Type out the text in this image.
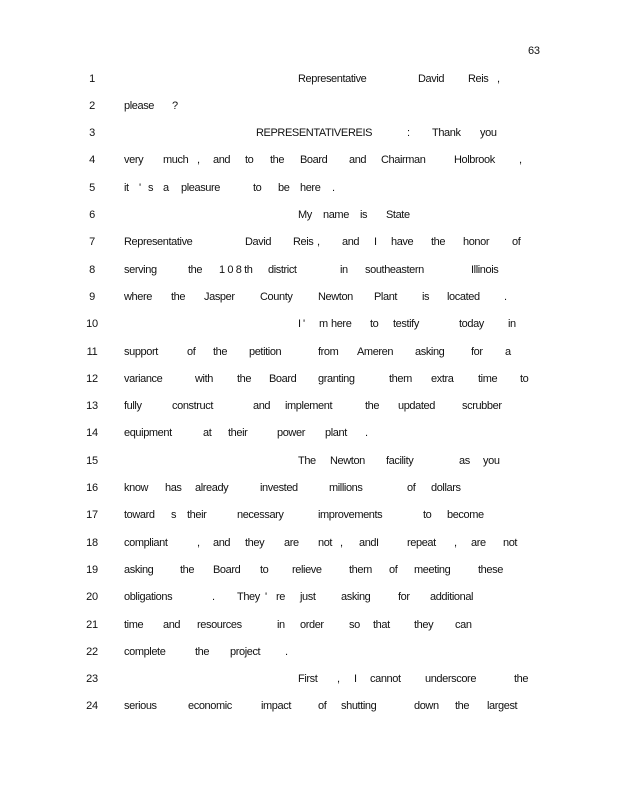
63
1	Representative	David Reis ,
2	please ?
3	REPRESENTATIVE REIS	: Thank you
4	very much , and to the Board and Chairman	Holbrook ,
5	it ' s a pleasure	to be here .
6	My name is State
7	Representative	David Reis , and I have the honor of
8	serving	the 1 0 8 th district	in southeastern	Illinois
9	where the Jasper County Newton Plant is located .
10	I ' m here to testify	today in
11 support	of the petition	from Ameren asking for a
12 variance	with the Board granting	them extra time to
13 fully	construct	and implement	the updated scrubber
14 equipment	at their	power plant .
15	The Newton facility	as you
16 know has already	invested	millions	of dollars
17 toward s their	necessary	improvements	to become
18 compliant	, and they are not , and I	repeat , are not
19 asking the Board to relieve them of meeting	these
20 obligations	. They ' re just asking	for additional
21 time and resources	in order so that they can
22 complete	the project .
23	First , I cannot underscore	the
24 serious	economic	impact of shutting	down the largest
